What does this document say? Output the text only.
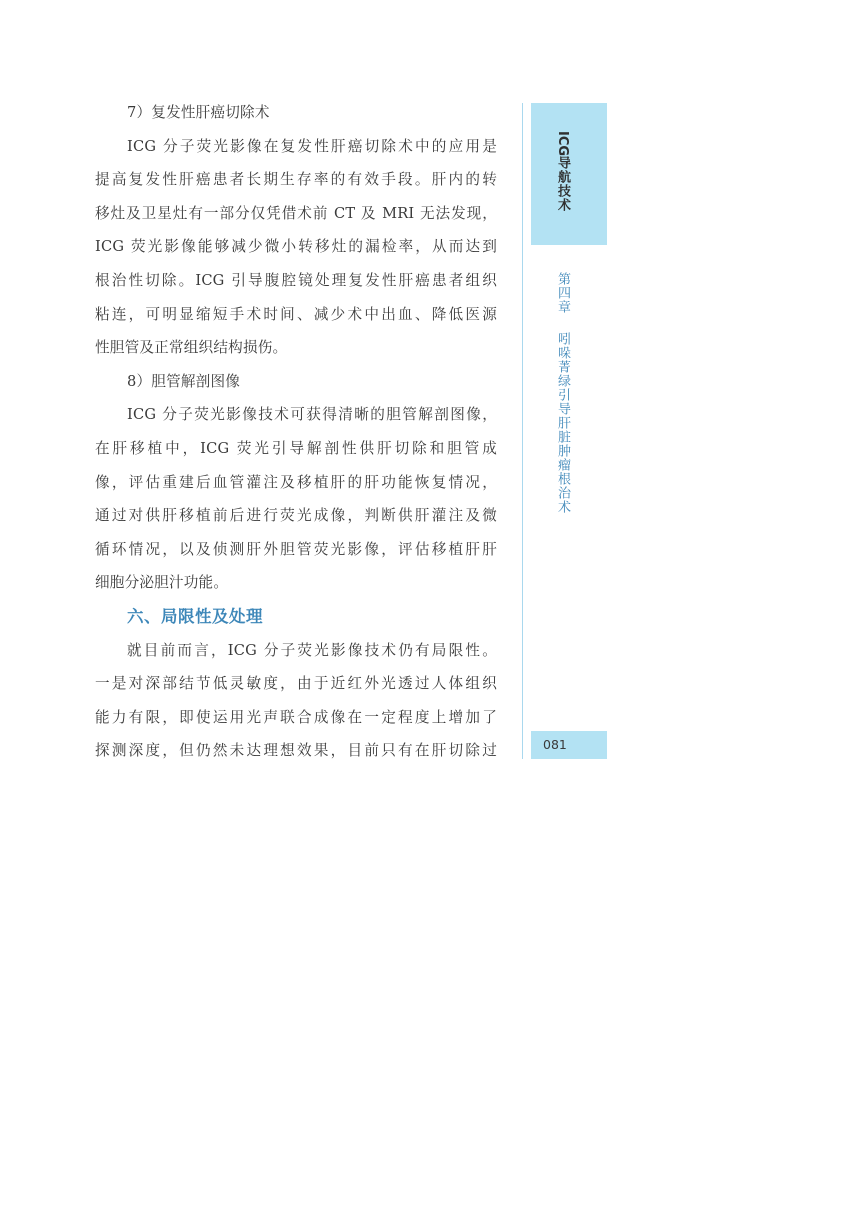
7）复发性肝癌切除术
ICG 分子荧光影像在复发性肝癌切除术中的应用是
提高复发性肝癌患者长期生存率的有效手段。肝内的转
移灶及卫星灶有一部分仅凭借术前 CT 及 MRI 无法发现，
ICG 荧光影像能够减少微小转移灶的漏检率，从而达到
根治性切除。ICG 引导腹腔镜处理复发性肝癌患者组织
粘连，可明显缩短手术时间、减少术中出血、降低医源
性胆管及正常组织结构损伤。
8）胆管解剖图像
ICG 分子荧光影像技术可获得清晰的胆管解剖图像，
在肝移植中，ICG 荧光引导解剖性供肝切除和胆管成
像，评估重建后血管灌注及移植肝的肝功能恢复情况，
通过对供肝移植前后进行荧光成像，判断供肝灌注及微
循环情况，以及侦测肝外胆管荧光影像，评估移植肝肝
细胞分泌胆汁功能。
六、局限性及处理
就目前而言，ICG 分子荧光影像技术仍有局限性。
一是对深部结节低灵敏度，由于近红外光透过人体组织
能力有限，即使运用光声联合成像在一定程度上增加了
探测深度，但仍然未达理想效果，目前只有在肝切除过
ICG导航技术
第四章吲哚菁绿引导肝脏肿瘤根治术
081
